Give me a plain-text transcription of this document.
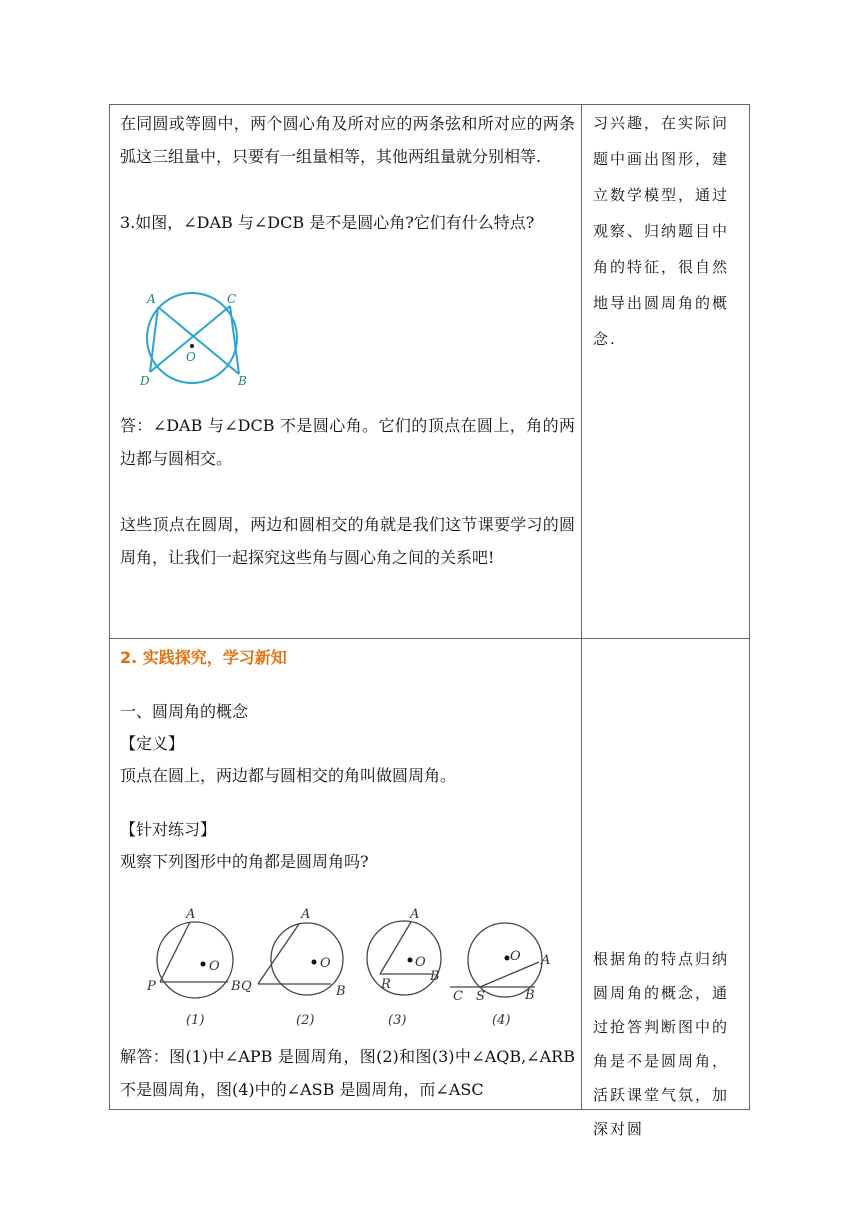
在同圆或等圆中，两个圆心角及所对应的两条弦和所对应的两条弧这三组量中，只要有一组量相等，其他两组量就分别相等.

3.如图，∠DAB 与∠DCB 是不是圆心角?它们有什么特点?

A	C
O
D	B

答：∠DAB 与∠DCB 不是圆心角。它们的顶点在圆上，角的两边都与圆相交。

这些顶点在圆周，两边和圆相交的角就是我们这节课要学习的圆周角，让我们一起探究这些角与圆心角之间的关系吧!

习兴趣，在实际问题中画出图形，建立数学模型，通过观察、归纳题目中角的特征，很自然地导出圆周角的概念.
2. 实践探究，学习新知
一、圆周角的概念
【定义】
顶点在圆上，两边都与圆相交的角叫做圆周角。
【针对练习】
观察下列图形中的角都是圆周角吗?
A
O
P	B
A
O
Q	B
A
O
R
B
O A
C S	B
(1)	(2)	(3)	(4)

解答：图(1)中∠APB 是圆周角，图(2)和图(3)中∠AQB,∠ARB 不是圆周角，图(4)中的∠ASB 是圆周角，而∠ASC

根据角的特点归纳圆周角的概念，通过抢答判断图中的角是不是圆周角，活跃课堂气氛，加深对圆
